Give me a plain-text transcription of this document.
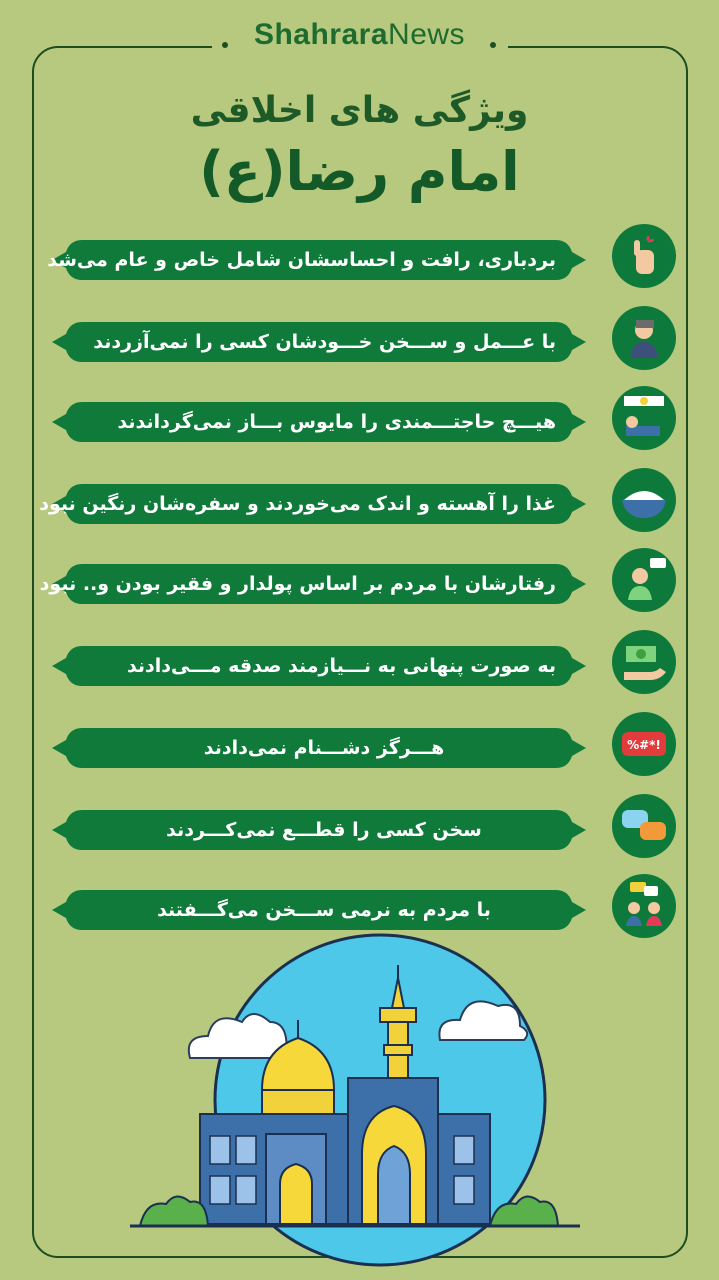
ShahraraNews
ویژگی های اخلاقی
امام رضا(ع)
بردباری، رافت و احساسشان شامل خاص و عام می‌شد
با عـــمل و ســـخن خـــودشان کسی را نمی‌آزردند
هیـــچ حاجتـــمندی را مایوس بـــاز نمی‌گرداندند
غذا را آهسته و اندک می‌خوردند و سفره‌شان رنگین نبود
رفتارشان با مردم بر اساس پولدار و فقیر بودن و.. نبود
به صورت پنهانی به نـــیازمند صدقه مـــی‌دادند
هـــرگز دشـــنام نمی‌دادند	%#*!
سخن کسی را قطـــع نمی‌کـــردند
با مردم به نرمی ســـخن می‌گـــفتند
